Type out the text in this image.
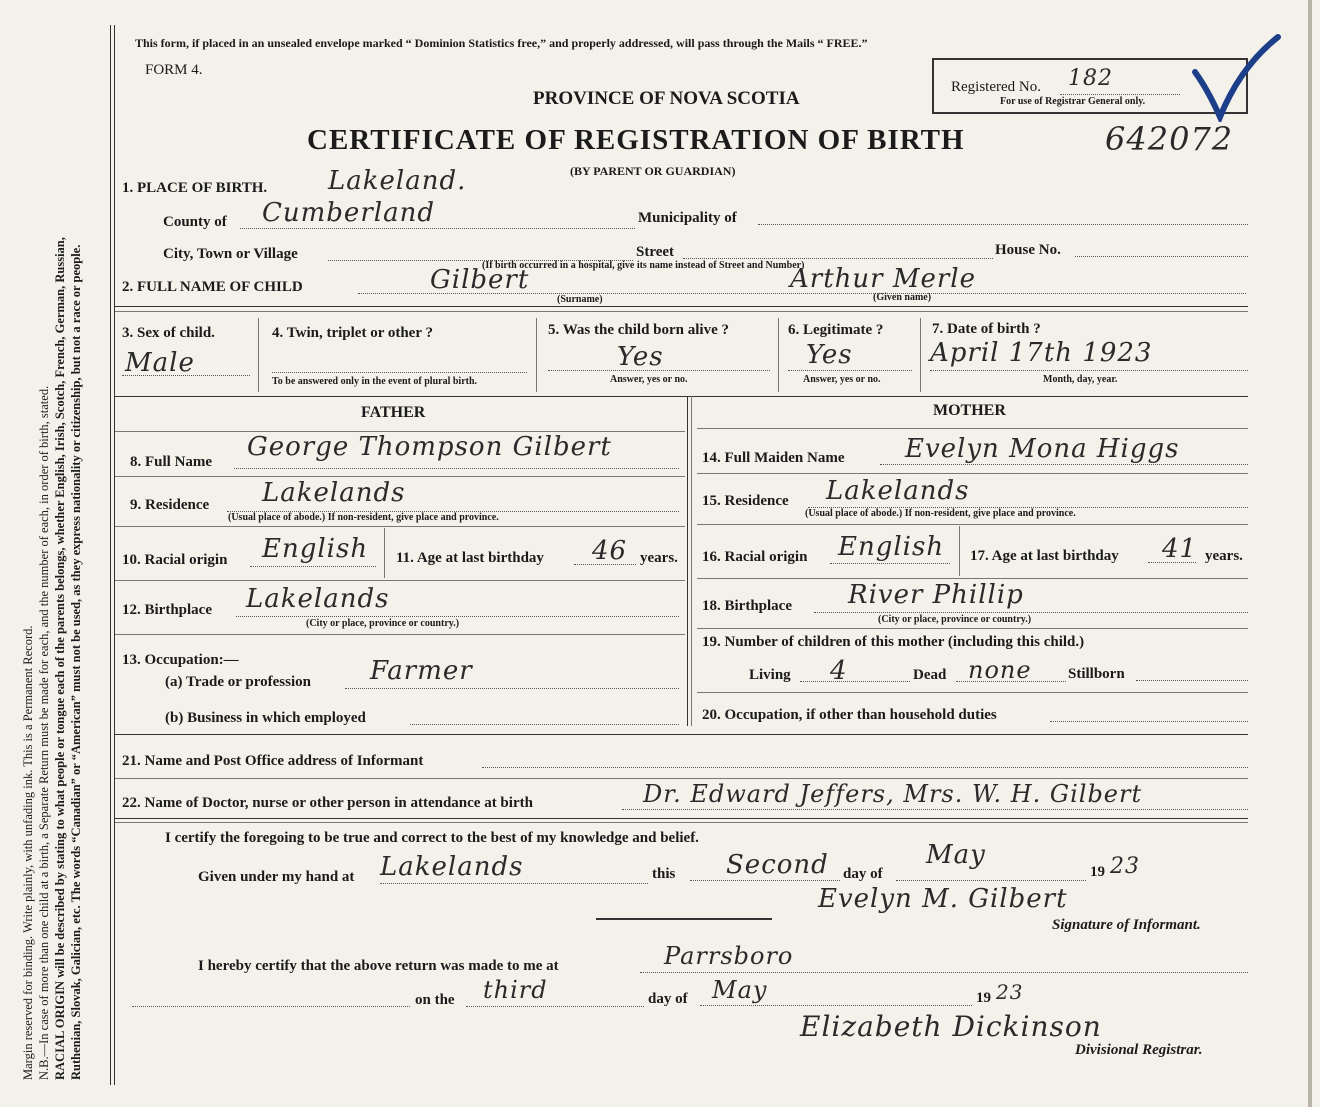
Margin reserved for binding. Write plainly, with unfading ink. This is a Permanent Record. N.B.—In case of more than one child at a birth, a Separate Return must be made for each, and the number of each, in order of birth, stated. RACIAL ORIGIN will be described by stating to what people or tongue each of the parents belongs, whether English, Irish, Scotch, French, German, Russian, Ruthenian, Slovak, Galician, etc. The words “Canadian” or “American” must not be used, as they express nationality or citizenship, but not a race or people.
This form, if placed in an unsealed envelope marked “ Dominion Statistics free,” and properly addressed, will pass through the Mails “ FREE.”
FORM 4.
PROVINCE OF NOVA SCOTIA
CERTIFICATE OF REGISTRATION OF BIRTH
(BY PARENT OR GUARDIAN)
Registered No. 182
For use of Registrar General only.
642072
1. PLACE OF BIRTH. Lakeland.
County of Cumberland	Municipality of
City, Town or Village	Street	House No.
(If birth occurred in a hospital, give its name instead of Street and Number)
2. FULL NAME OF CHILD	Gilbert
(Surname)
Arthur Merle
(Given name)
3. Sex of child.
Male
4. Twin, triplet or other ?
To be answered only in the event of plural birth.
5. Was the child born alive ?
Yes
Answer, yes or no.
6. Legitimate ?
Yes
Answer, yes or no.
7. Date of birth ?
April 17th 1923
Month, day, year.
FATHER	MOTHER
8. Full Name George Thompson Gilbert	14. Full Maiden Name Evelyn Mona Higgs
9. Residence Lakelands
(Usual place of abode.) If non-resident, give place and province.
15. Residence Lakelands
(Usual place of abode.) If non-resident, give place and province.
10. Racial origin English 11. Age at last birthday 46 years. 16. Racial origin English 17. Age at last birthday 41 years.
12. Birthplace Lakelands
(City or place, province or country.)
18. Birthplace River Phillip
(City or place, province or country.)
13. Occupation:—
(a) Trade or profession Farmer
(b) Business in which employed
19. Number of children of this mother (including this child.)
Living 4	Dead none Stillborn
20. Occupation, if other than household duties
21. Name and Post Office address of Informant
22. Name of Doctor, nurse or other person in attendance at birth	Dr. Edward Jeffers, Mrs. W. H. Gilbert
I certify the foregoing to be true and correct to the best of my knowledge and belief.
Given under my hand at Lakelands	this Second day of
May
19 23
Evelyn M. Gilbert
Signature of Informant.
I hereby certify that the above return was made to me at	Parrsboro
on the third	day of May	19 23
Elizabeth Dickinson
Divisional Registrar.
